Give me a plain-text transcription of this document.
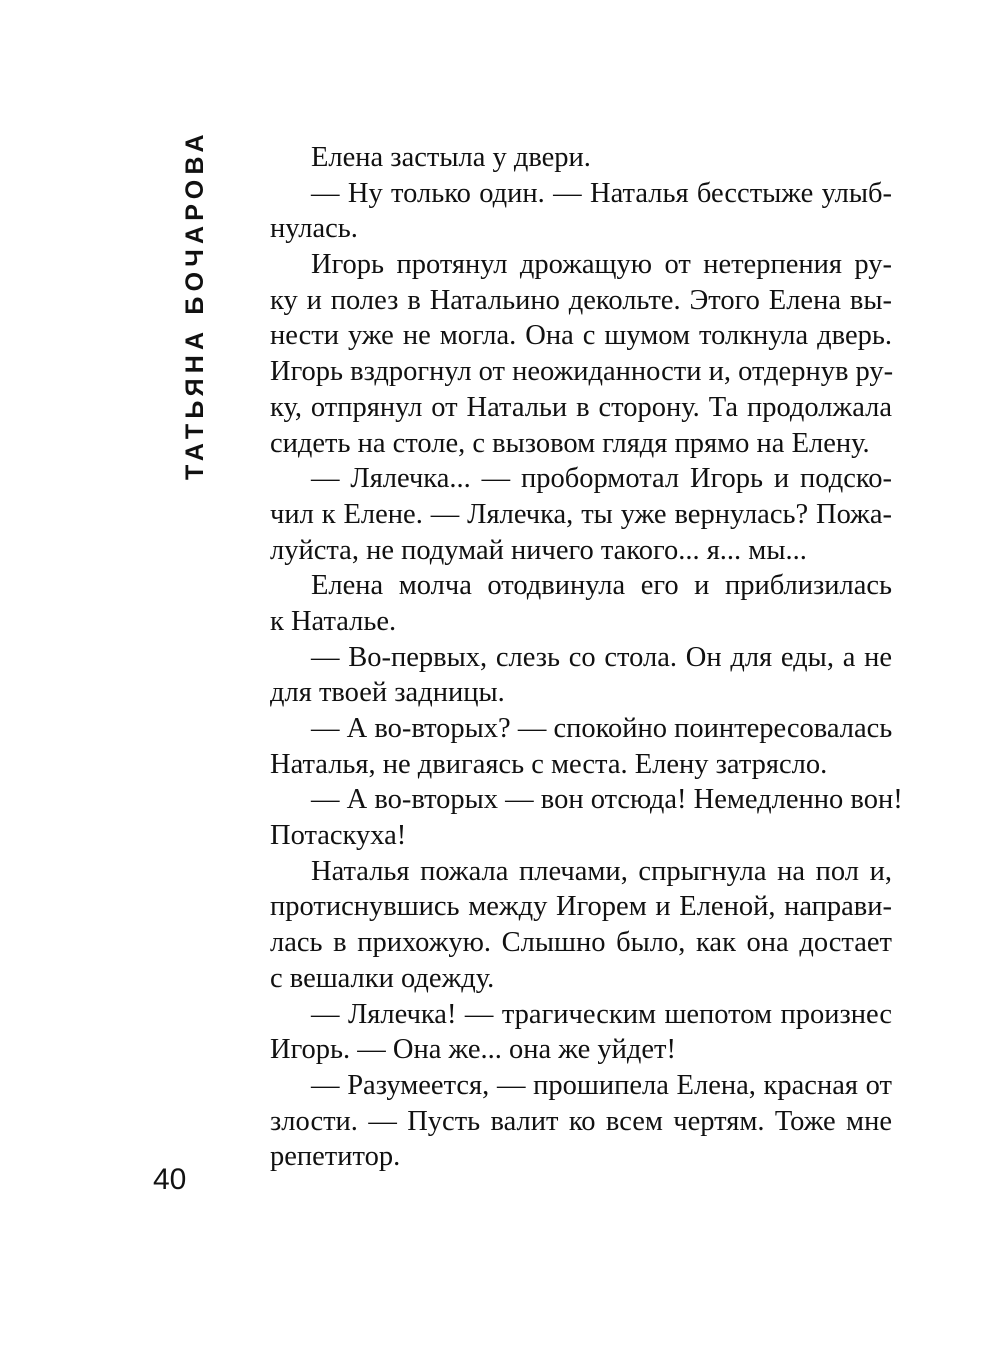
ТАТЬЯНА БОЧАРОВА	Елена застыла у двери.
— Ну только один. — Наталья бесстыже улыб-
нулась.
Игорь протянул дрожащую от нетерпения ру-
ку и полез в Натальино декольте. Этого Елена вы-
нести уже не могла. Она с шумом толкнула дверь.
Игорь вздрогнул от неожиданности и, отдернув ру-
ку, отпрянул от Натальи в сторону. Та продолжала
сидеть на столе, с вызовом глядя прямо на Елену.
— Лялечка... — пробормотал Игорь и подско-
чил к Елене. — Лялечка, ты уже вернулась? Пожа-
луйста, не подумай ничего такого... я... мы...
Елена молча отодвинула его и приблизилась
к Наталье.
— Во-первых, слезь со стола. Он для еды, а не
для твоей задницы.
— А во-вторых? — спокойно поинтересовалась
Наталья, не двигаясь с места. Елену затрясло.
— А во-вторых — вон отсюда! Немедленно вон!
Потаскуха!
Наталья пожала плечами, спрыгнула на пол и,
протиснувшись между Игорем и Еленой, направи-
лась в прихожую. Слышно было, как она достает
с вешалки одежду.
— Лялечка! — трагическим шепотом произнес
Игорь. — Она же... она же уйдет!
— Разумеется, — прошипела Елена, красная от
злости. — Пусть валит ко всем чертям. Тоже мне
репетитор.
40
